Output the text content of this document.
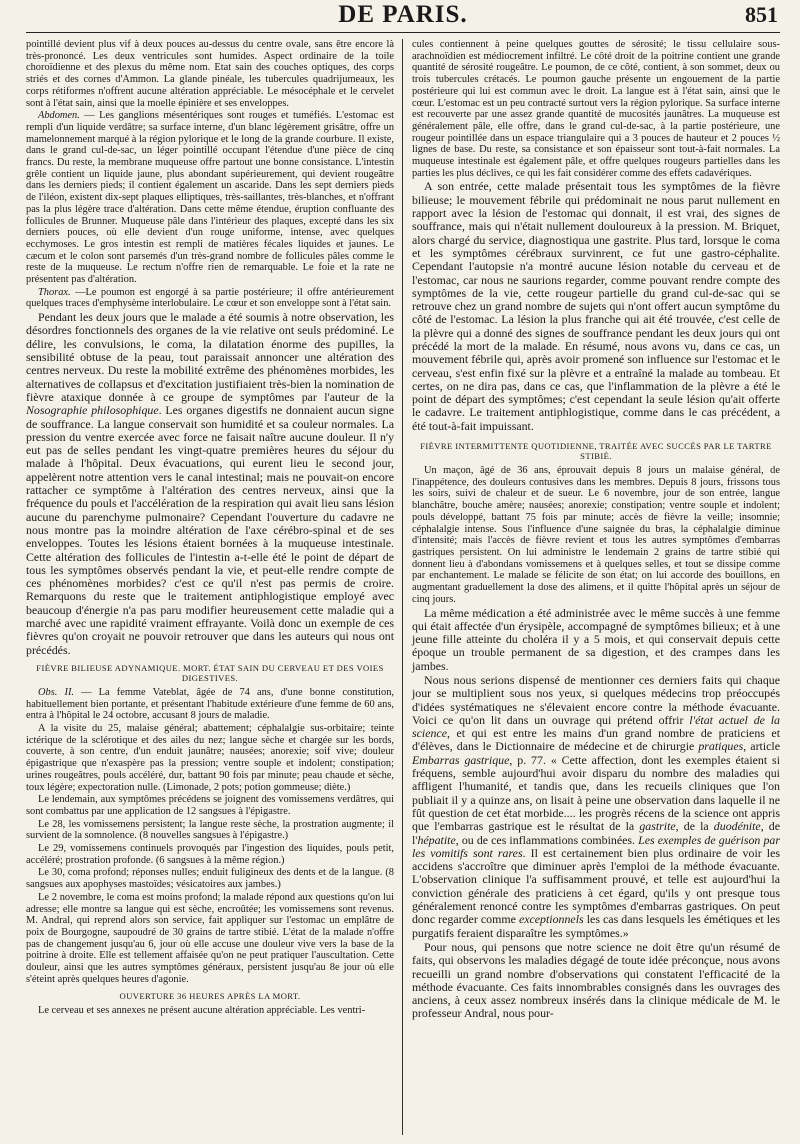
DE PARIS.	851

pointillé devient plus vif à deux pouces au-dessus du centre ovale, sans être encore là très-prononcé. Les deux ventricules sont humides. Aspect ordinaire de la toile choroïdienne et des plexus du même nom. Etat sain des couches optiques, des corps striés et des cornes d'Ammon. La glande pinéale, les tubercules quadrijumeaux, les corps rétiformes n'offrent aucune altération appréciable. Le mésocéphale et le cervelet sont à l'état sain, ainsi que la moelle épinière et ses enveloppes.

Abdomen. — Les ganglions mésentériques sont rouges et tuméfiés. L'estomac est rempli d'un liquide verdâtre; sa surface interne, d'un blanc légèrement grisâtre, offre un mamelonnement marqué à la région pylorique et le long de la grande courbure. Il existe, dans le grand cul-de-sac, un léger pointillé occupant l'étendue d'une pièce de cinq francs. Du reste, la membrane muqueuse offre partout une bonne consistance. L'intestin grêle contient un liquide jaune, plus abondant supérieurement, qui devient rougeâtre dans les derniers pieds; il contient également un ascaride. Dans les sept derniers pieds de l'iléon, existent dix-sept plaques elliptiques, très-saillantes, très-blanches, et n'offrant pas la plus légère trace d'altération. Dans cette même étendue, éruption confluante des follicules de Brunner. Muqueuse pâle dans l'intérieur des plaques, excepté dans les six derniers pouces, où elle devient d'un rouge uniforme, intense, avec quelques ecchymoses. Le gros intestin est rempli de matières fécales liquides et jaunes. Le cæcum et le colon sont parsemés d'un très-grand nombre de follicules pâles comme le reste de la muqueuse. Le rectum n'offre rien de remarquable. Le foie et la rate ne présentent pas d'altération.

Thorax. —Le poumon est engorgé à sa partie postérieure; il offre antérieurement quelques traces d'emphysème interlobulaire. Le cœur et son enveloppe sont à l'état sain.

Pendant les deux jours que le malade a été soumis à notre observation, les désordres fonctionnels des organes de la vie relative ont seuls prédominé. Le délire, les convulsions, le coma, la dilatation énorme des pupilles, la sensibilité obtuse de la peau, tout paraissait annoncer une altération des centres nerveux. Du reste la mobilité extrême des phénomènes morbides, les alternatives de collapsus et d'excitation justifiaient très-bien la nomination de fièvre ataxique donnée à ce groupe de symptômes par l'auteur de la Nosographie philosophique. Les organes digestifs ne donnaient aucun signe de souffrance. La langue conservait son humidité et sa couleur normales. La pression du ventre exercée avec force ne faisait naître aucune douleur. Il n'y eut pas de selles pendant les vingt-quatre premières heures du séjour du malade à l'hôpital. Deux évacuations, qui eurent lieu le second jour, appelèrent notre attention vers le canal intestinal; mais ne pouvait-on encore rattacher ce symptôme à l'altération des centres nerveux, ainsi que la fréquence du pouls et l'accélération de la respiration qui avait lieu sans lésion aucune du parenchyme pulmonaire? Cependant l'ouverture du cadavre ne nous montre pas la moindre altération de l'axe cérébro-spinal et de ses enveloppes. Toutes les lésions étaient bornées à la muqueuse intestinale. Cette altération des follicules de l'intestin a-t-elle été le point de départ de tous les symptômes observés pendant la vie, et peut-elle rendre compte de ces phénomènes morbides? c'est ce qu'il n'est pas permis de croire. Remarquons du reste que le traitement antiphlogistique employé avec beaucoup d'énergie n'a pas paru modifier heureusement cette maladie qui a marché avec une rapidité vraiment effrayante. Voilà donc un exemple de ces fièvres qu'on croyait ne pouvoir retrouver que dans les auteurs qui nous ont précédés.

FIÈVRE BILIEUSE ADYNAMIQUE. MORT. ÉTAT SAIN DU CERVEAU ET DES VOIES DIGESTIVES.

Obs. II. — La femme Vateblat, âgée de 74 ans, d'une bonne constitution, habituellement bien portante, et présentant l'habitude extérieure d'une femme de 60 ans, entra à l'hôpital le 24 octobre, accusant 8 jours de maladie.

A la visite du 25, malaise général; abattement; céphalalgie sus-orbitaire; teinte ictérique de la sclérotique et des ailes du nez; langue sèche et chargée sur les bords, couverte, à son centre, d'un enduit jaunâtre; nausées; anorexie; soif vive; douleur épigastrique que n'exaspère pas la pression; ventre souple et indolent; constipation; urines rougeâtres, pouls accéléré, dur, battant 90 fois par minute; peau chaude et sèche, toux légère; expectoration nulle. (Limonade, 2 pots; potion gommeuse; diète.)

Le lendemain, aux symptômes précédens se joignent des vomissemens verdâtres, qui sont combattus par une application de 12 sangsues à l'épigastre.

Le 28, les vomissemens persistent; la langue reste sèche, la prostration augmente; il survient de la somnolence. (8 nouvelles sangsues à l'épigastre.)

Le 29, vomissemens continuels provoqués par l'ingestion des liquides, pouls petit, accéléré; prostration profonde. (6 sangsues à la même région.)

Le 30, coma profond; réponses nulles; enduit fuligineux des dents et de la langue. (8 sangsues aux apophyses mastoïdes; vésicatoires aux jambes.)

Le 2 novembre, le coma est moins profond; la malade répond aux questions qu'on lui adresse; elle montre sa langue qui est sèche, encroûtée; les vomissemens sont revenus. M. Andral, qui reprend alors son service, fait appliquer sur l'estomac un emplâtre de poix de Bourgogne, saupoudré de 30 grains de tartre stibié. L'état de la malade n'offre pas de changement jusqu'au 6, jour où elle accuse une douleur vive vers la base de la poitrine à droite. Elle est tellement affaisée qu'on ne peut pratiquer l'auscultation. Cette douleur, ainsi que les autres symptômes généraux, persistent jusqu'au 8e jour où elle s'éteint après quelques heures d'agonie.

OUVERTURE 36 HEURES APRÈS LA MORT.

Le cerveau et ses annexes ne présent aucune altération appréciable. Les ventri-

cules contiennent à peine quelques gouttes de sérosité; le tissu cellulaire sous-arachnoïdien est médiocrement infiltré. Le côté droit de la poitrine contient une grande quantité de sérosité rougeâtre. Le poumon, de ce côté, contient, à son sommet, deux ou trois tubercules crétacés. Le poumon gauche présente un engouement de la partie postérieure qui lui est commun avec le droit. La langue est à l'état sain, ainsi que le cœur. L'estomac est un peu contracté surtout vers la région pylorique. Sa surface interne est recouverte par une assez grande quantité de mucosités jaunâtres. La muqueuse est généralement pâle, elle offre, dans le grand cul-de-sac, à la partie postérieure, une rougeur pointillée dans un espace triangulaire qui a 3 pouces de hauteur et 2 pouces ½ lignes de base. Du reste, sa consistance et son épaisseur sont tout-à-fait normales. La muqueuse intestinale est également pâle, et offre quelques rougeurs partielles dans les parties les plus déclives, ce qui les fait considérer comme des effets cadavériques.

A son entrée, cette malade présentait tous les symptômes de la fièvre bilieuse; le mouvement fébrile qui prédominait ne nous parut nullement en rapport avec la lésion de l'estomac qui donnait, il est vrai, des signes de souffrance, mais qui n'était nullement douloureux à la pression. M. Briquet, alors chargé du service, diagnostiqua une gastrite. Plus tard, lorsque le coma et les symptômes cérébraux survinrent, ce fut une gastro-céphalite. Cependant l'autopsie n'a montré aucune lésion notable du cerveau et de l'estomac, car nous ne saurions regarder, comme pouvant rendre compte des symptômes de la vie, cette rougeur partielle du grand cul-de-sac qui se retrouve chez un grand nombre de sujets qui n'ont offert aucun symptôme du côté de l'estomac. La lésion la plus franche qui ait été trouvée, c'est celle de la plèvre qui a donné des signes de souffrance pendant les deux jours qui ont précédé la mort de la malade. En résumé, nous avons vu, dans ce cas, un mouvement fébrile qui, après avoir promené son influence sur l'estomac et le cerveau, s'est enfin fixé sur la plèvre et a entraîné la malade au tombeau. Et certes, on ne dira pas, dans ce cas, que l'inflammation de la plèvre a été le point de départ des symptômes; c'est cependant la seule lésion qu'ait offerte le cadavre. Le traitement antiphlogistique, comme dans le cas précédent, a été tout-à-fait impuissant.

FIÈVRE INTERMITTENTE QUOTIDIENNE, TRAITÉE AVEC SUCCÈS PAR LE TARTRE STIBIÉ.

Un maçon, âgé de 36 ans, éprouvait depuis 8 jours un malaise général, de l'inappétence, des douleurs contusives dans les membres. Depuis 8 jours, frissons tous les soirs, suivi de chaleur et de sueur. Le 6 novembre, jour de son entrée, langue blanchâtre, bouche amère; nausées; anorexie; constipation; ventre souple et indolent; pouls développé, battant 75 fois par minute; accès de fièvre la veille; insomnie; céphalalgie intense. Sous l'influence d'une saignée du bras, la céphalalgie diminue d'intensité; mais l'accès de fièvre revient et tous les autres symptômes d'embarras gastriques persistent. On lui administre le lendemain 2 grains de tartre stibié qui donnent lieu à d'abondans vomissemens et à quelques selles, et tout se dissipe comme par enchantement. Le malade se félicite de son état; on lui accorde des bouillons, en augmentant graduellement la dose des alimens, et il quitte l'hôpital après un séjour de cinq jours.

La même médication a été administrée avec le même succès à une femme qui était affectée d'un érysipèle, accompagné de symptômes bilieux; et à une jeune fille atteinte du choléra il y a 5 mois, et qui conservait depuis cette époque un trouble permanent de sa digestion, et des crampes dans les jambes.

Nous nous serions dispensé de mentionner ces derniers faits qui chaque jour se multiplient sous nos yeux, si quelques médecins trop préoccupés d'idées systématiques ne s'élevaient encore contre la méthode évacuante. Voici ce qu'on lit dans un ouvrage qui prétend offrir l'état actuel de la science, et qui est entre les mains d'un grand nombre de praticiens et d'élèves, dans le Dictionnaire de médecine et de chirurgie pratiques, article Embarras gastrique, p. 77. « Cette affection, dont les exemples étaient si fréquens, semble aujourd'hui avoir disparu du nombre des maladies qui affligent l'humanité, et tandis que, dans les recueils cliniques que l'on publiait il y a quinze ans, on lisait à peine une observation dans laquelle il ne fût question de cet état morbide.... les progrès récens de la science ont appris que l'embarras gastrique est le résultat de la gastrite, de la duodénite, de l'hépatite, ou de ces inflammations combinées. Les exemples de guérison par les vomitifs sont rares. Il est certainement bien plus ordinaire de voir les accidens s'accroître que diminuer après l'emploi de la méthode évacuante. L'observation clinique l'a suffisamment prouvé, et telle est aujourd'hui la conviction générale des praticiens à cet égard, qu'ils y ont presque tous généralement renoncé contre les symptômes d'embarras gastriques. On peut donc regarder comme exceptionnels les cas dans lesquels les émétiques et les purgatifs feraient disparaître les symptômes.»

Pour nous, qui pensons que notre science ne doit être qu'un résumé de faits, qui observons les maladies dégagé de toute idée préconçue, nous avons recueilli un grand nombre d'observations qui constatent l'efficacité de la méthode évacuante. Ces faits innombrables consignés dans les ouvrages des anciens, à ceux assez nombreux insérés dans la clinique médicale de M. le professeur Andral, nous pour-
